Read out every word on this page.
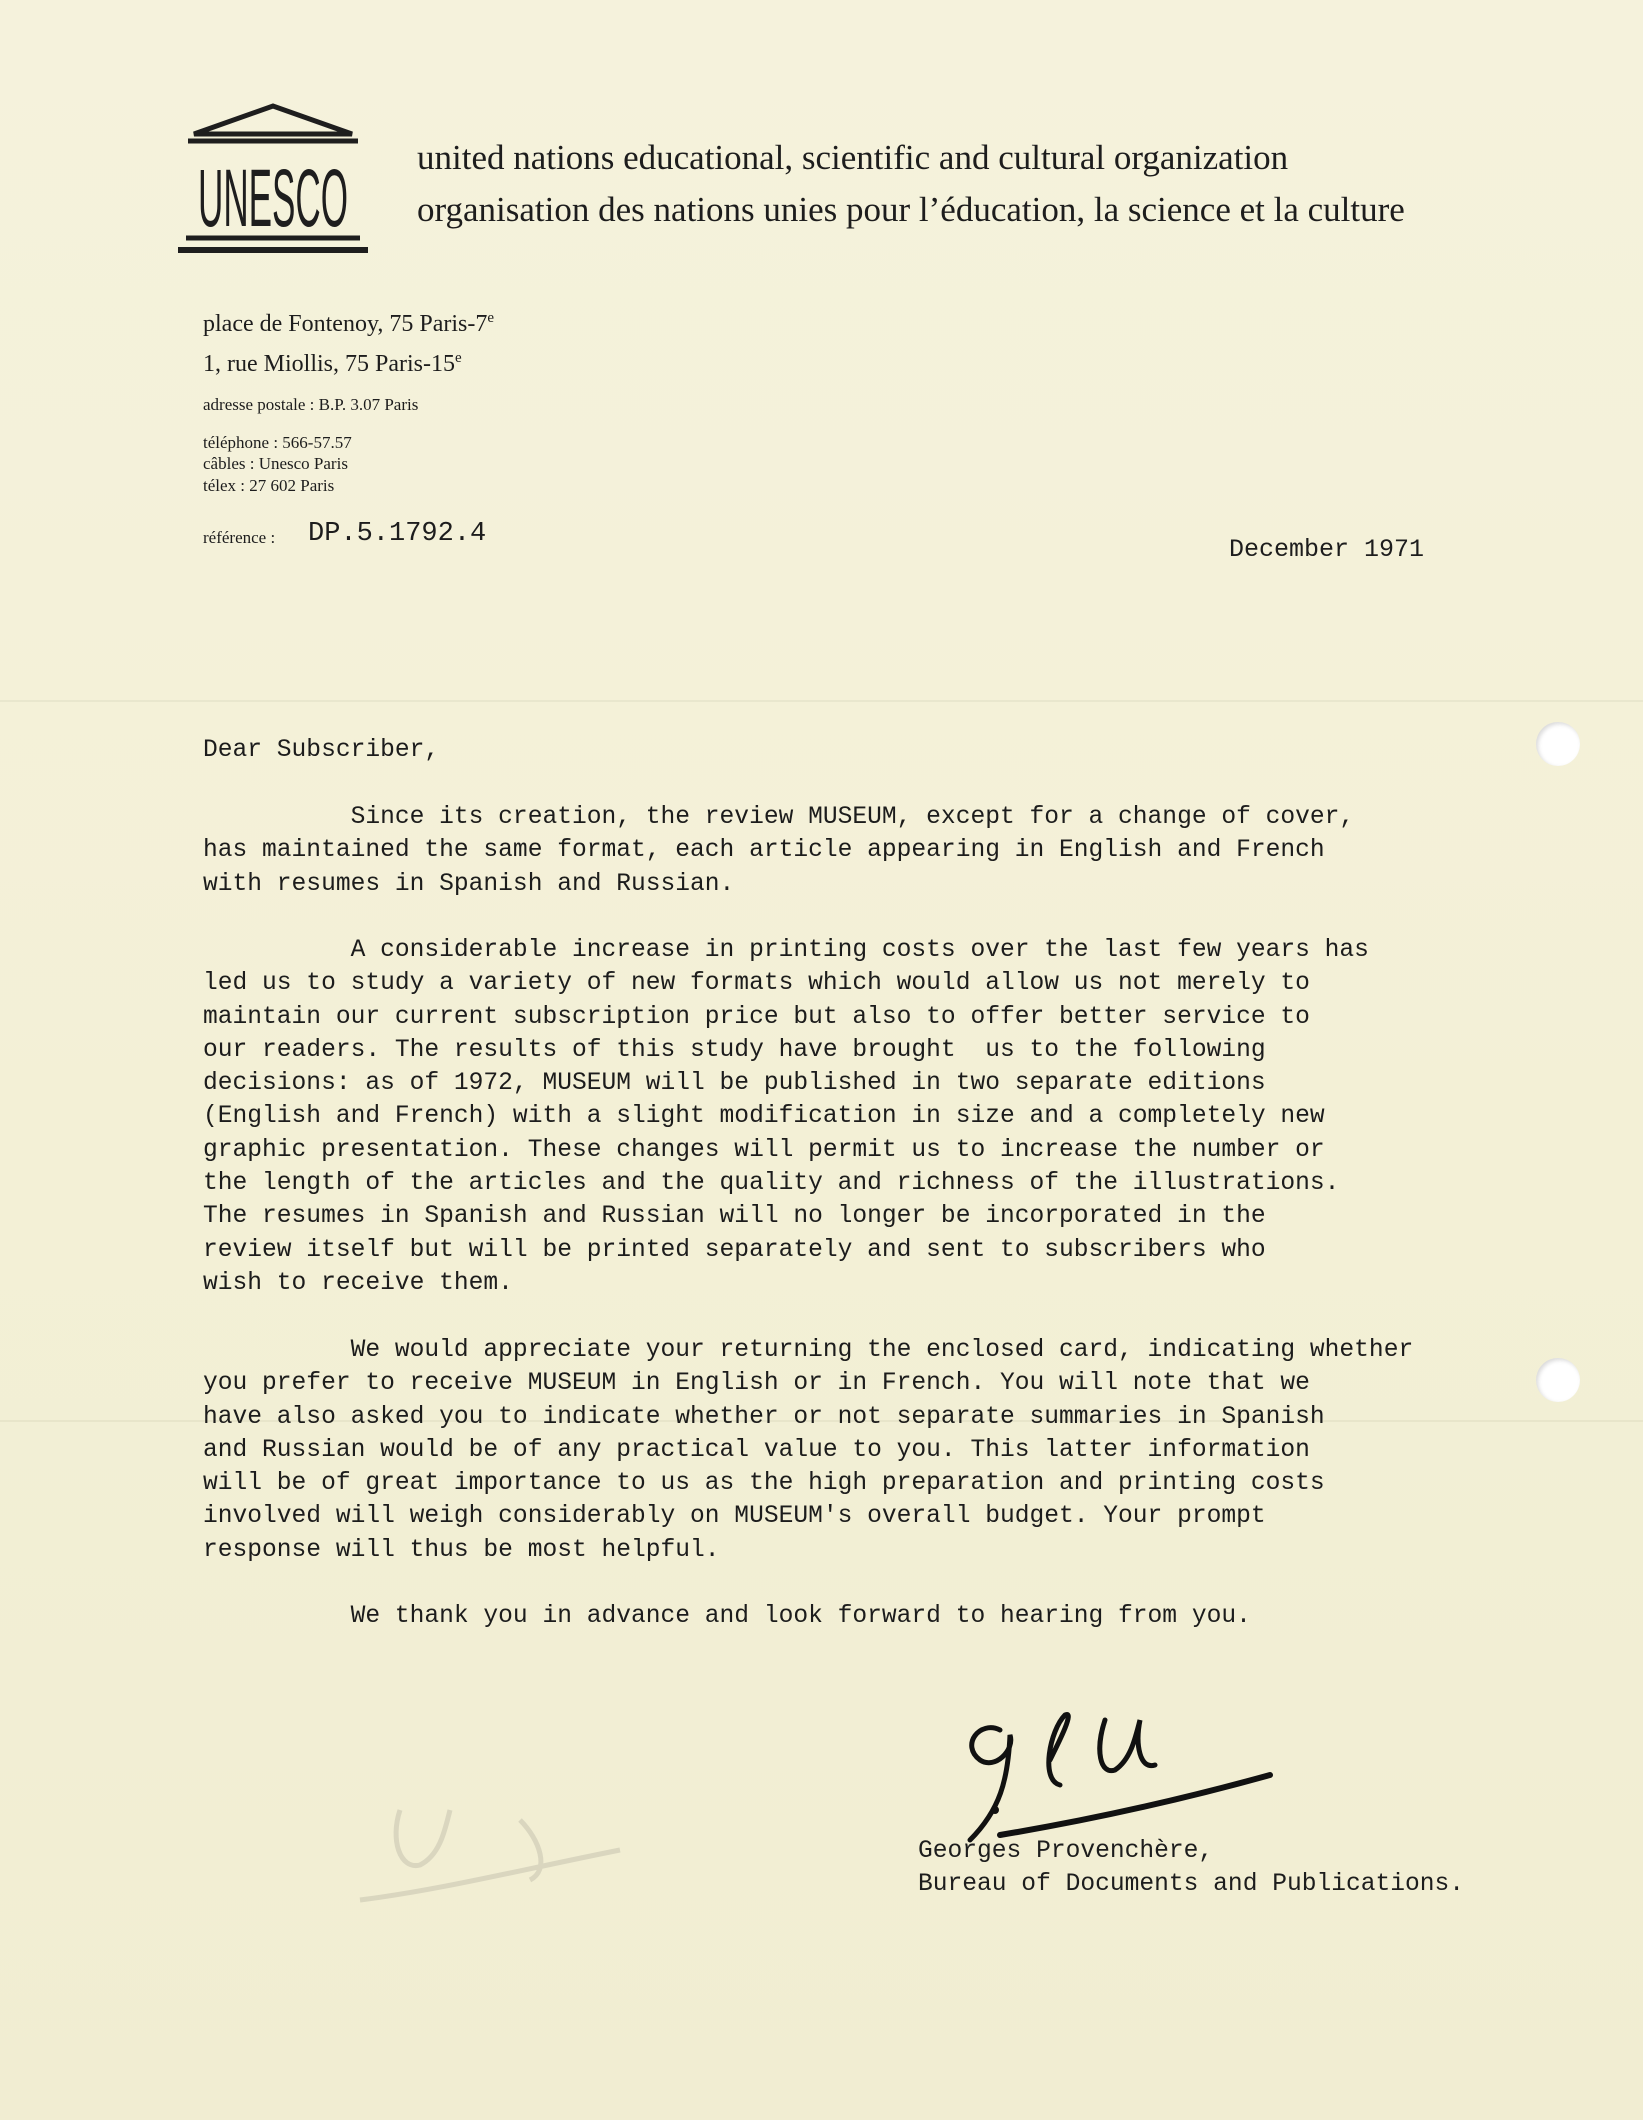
UNESCO united nations educational, scientific and cultural organization
organisation des nations unies pour l’éducation, la science et la culture
place de Fontenoy, 75 Paris-7e
1, rue Miollis, 75 Paris-15e
adresse postale : B.P. 3.07 Paris
téléphone : 566-57.57
câbles : Unesco Paris
télex : 27 602 Paris
référence : DP.5.1792.4
December 1971
Dear Subscriber,
Since its creation, the review MUSEUM, except for a change of cover,
has maintained the same format, each article appearing in English and French
with resumes in Spanish and Russian.
A considerable increase in printing costs over the last few years has
led us to study a variety of new formats which would allow us not merely to
maintain our current subscription price but also to offer better service to
our readers. The results of this study have brought  us to the following
decisions: as of 1972, MUSEUM will be published in two separate editions
(English and French) with a slight modification in size and a completely new
graphic presentation. These changes will permit us to increase the number or
the length of the articles and the quality and richness of the illustrations.
The resumes in Spanish and Russian will no longer be incorporated in the
review itself but will be printed separately and sent to subscribers who
wish to receive them.
We would appreciate your returning the enclosed card, indicating whether
you prefer to receive MUSEUM in English or in French. You will note that we
have also asked you to indicate whether or not separate summaries in Spanish
and Russian would be of any practical value to you. This latter information
will be of great importance to us as the high preparation and printing costs
involved will weigh considerably on MUSEUM's overall budget. Your prompt
response will thus be most helpful.
We thank you in advance and look forward to hearing from you.
Georges Provenchère,
Bureau of Documents and Publications.
